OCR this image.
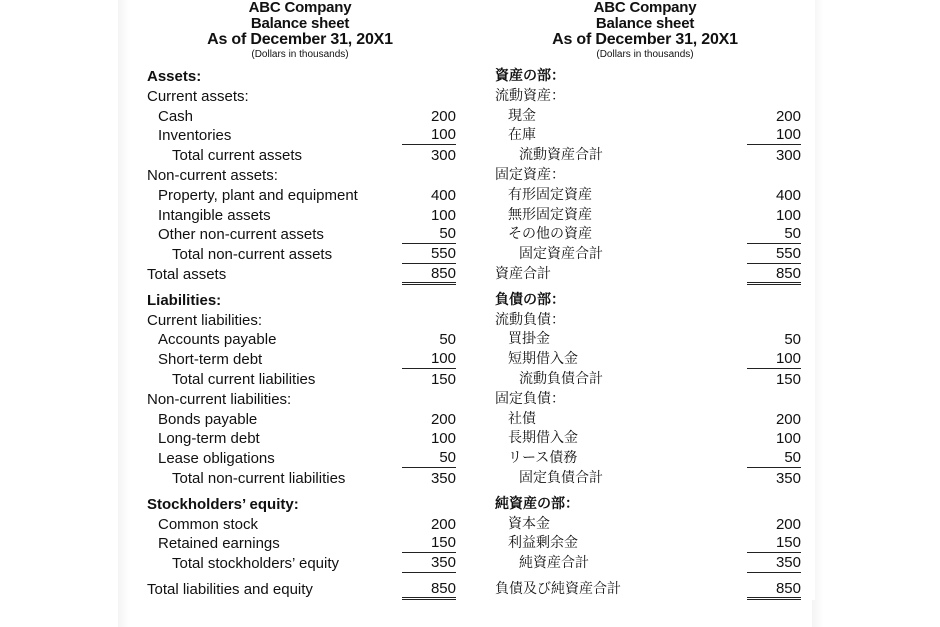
ABC Company
Balance sheet
As of December 31, 20X1
(Dollars in thousands)
Assets:
Current assets:
Cash	200
Inventories	100
Total current assets	300
Non-current assets:
Property, plant and equipment	400
Intangible assets	100
Other non-current assets	50
Total non-current assets	550
Total assets	850
Liabilities:
Current liabilities:
Accounts payable	50
Short-term debt	100
Total current liabilities	150
Non-current liabilities:
Bonds payable	200
Long-term debt	100
Lease obligations	50
Total non-current liabilities	350
Stockholders’ equity:
Common stock	200
Retained earnings	150
Total stockholders’ equity	350
Total liabilities and equity	850
ABC Company
Balance sheet
As of December 31, 20X1
(Dollars in thousands)
資産の部：
流動資産：
現金	200
在庫	100
流動資産合計	300
固定資産：
有形固定資産	400
無形固定資産	100
その他の資産	50
固定資産合計	550
資産合計	850
負債の部：
流動負債：
買掛金	50
短期借入金	100
流動負債合計	150
固定負債：
社債	200
長期借入金	100
リース債務	50
固定負債合計	350
純資産の部：
資本金	200
利益剰余金	150
純資産合計	350
負債及び純資産合計	850
